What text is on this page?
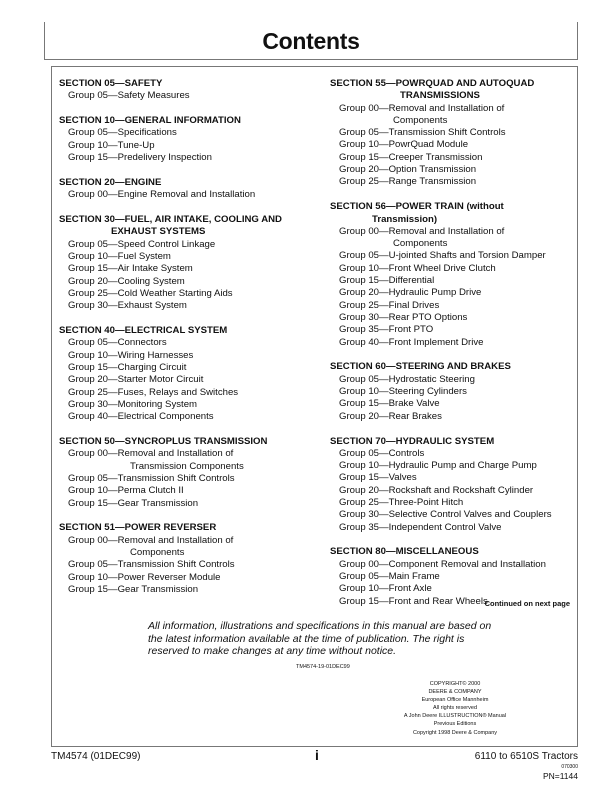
Contents
SECTION 05—SAFETY
Group 05—Safety Measures
SECTION 10—GENERAL INFORMATION
Group 05—Specifications
Group 10—Tune-Up
Group 15—Predelivery Inspection
SECTION 20—ENGINE
Group 00—Engine Removal and Installation
SECTION 30—FUEL, AIR INTAKE, COOLING AND
EXHAUST SYSTEMS
Group 05—Speed Control Linkage
Group 10—Fuel System
Group 15—Air Intake System
Group 20—Cooling System
Group 25—Cold Weather Starting Aids
Group 30—Exhaust System
SECTION 40—ELECTRICAL SYSTEM
Group 05—Connectors
Group 10—Wiring Harnesses
Group 15—Charging Circuit
Group 20—Starter Motor Circuit
Group 25—Fuses, Relays and Switches
Group 30—Monitoring System
Group 40—Electrical Components
SECTION 50—SYNCROPLUS TRANSMISSION
Group 00—Removal and Installation of
Transmission Components
Group 05—Transmission Shift Controls
Group 10—Perma Clutch II
Group 15—Gear Transmission
SECTION 51—POWER REVERSER
Group 00—Removal and Installation of
Components
Group 05—Transmission Shift Controls
Group 10—Power Reverser Module
Group 15—Gear Transmission
SECTION 55—POWRQUAD AND AUTOQUAD
TRANSMISSIONS
Group 00—Removal and Installation of
Components
Group 05—Transmission Shift Controls
Group 10—PowrQuad Module
Group 15—Creeper Transmission
Group 20—Option Transmission
Group 25—Range Transmission
SECTION 56—POWER TRAIN (without
Transmission)
Group 00—Removal and Installation of
Components
Group 05—U-jointed Shafts and Torsion Damper
Group 10—Front Wheel Drive Clutch
Group 15—Differential
Group 20—Hydraulic Pump Drive
Group 25—Final Drives
Group 30—Rear PTO Options
Group 35—Front PTO
Group 40—Front Implement Drive
SECTION 60—STEERING AND BRAKES
Group 05—Hydrostatic Steering
Group 10—Steering Cylinders
Group 15—Brake Valve
Group 20—Rear Brakes
SECTION 70—HYDRAULIC SYSTEM
Group 05—Controls
Group 10—Hydraulic Pump and Charge Pump
Group 15—Valves
Group 20—Rockshaft and Rockshaft Cylinder
Group 25—Three-Point Hitch
Group 30—Selective Control Valves and Couplers
Group 35—Independent Control Valve
SECTION 80—MISCELLANEOUS
Group 00—Component Removal and Installation
Group 05—Main Frame
Group 10—Front Axle
Group 15—Front and Rear Wheels
Continued on next page
All information, illustrations and specifications in this manual are based on
the latest information available at the time of publication. The right is
reserved to make changes at any time without notice.
TM4574-19-01DEC99
COPYRIGHT© 2000
DEERE & COMPANY
European Office Mannheim
All rights reserved
A John Deere ILLUSTRUCTION® Manual
Previous Editions
Copyright 1998 Deere & Company
TM4574 (01DEC99)	i	6110 to 6510S Tractors
070300
PN=1144
